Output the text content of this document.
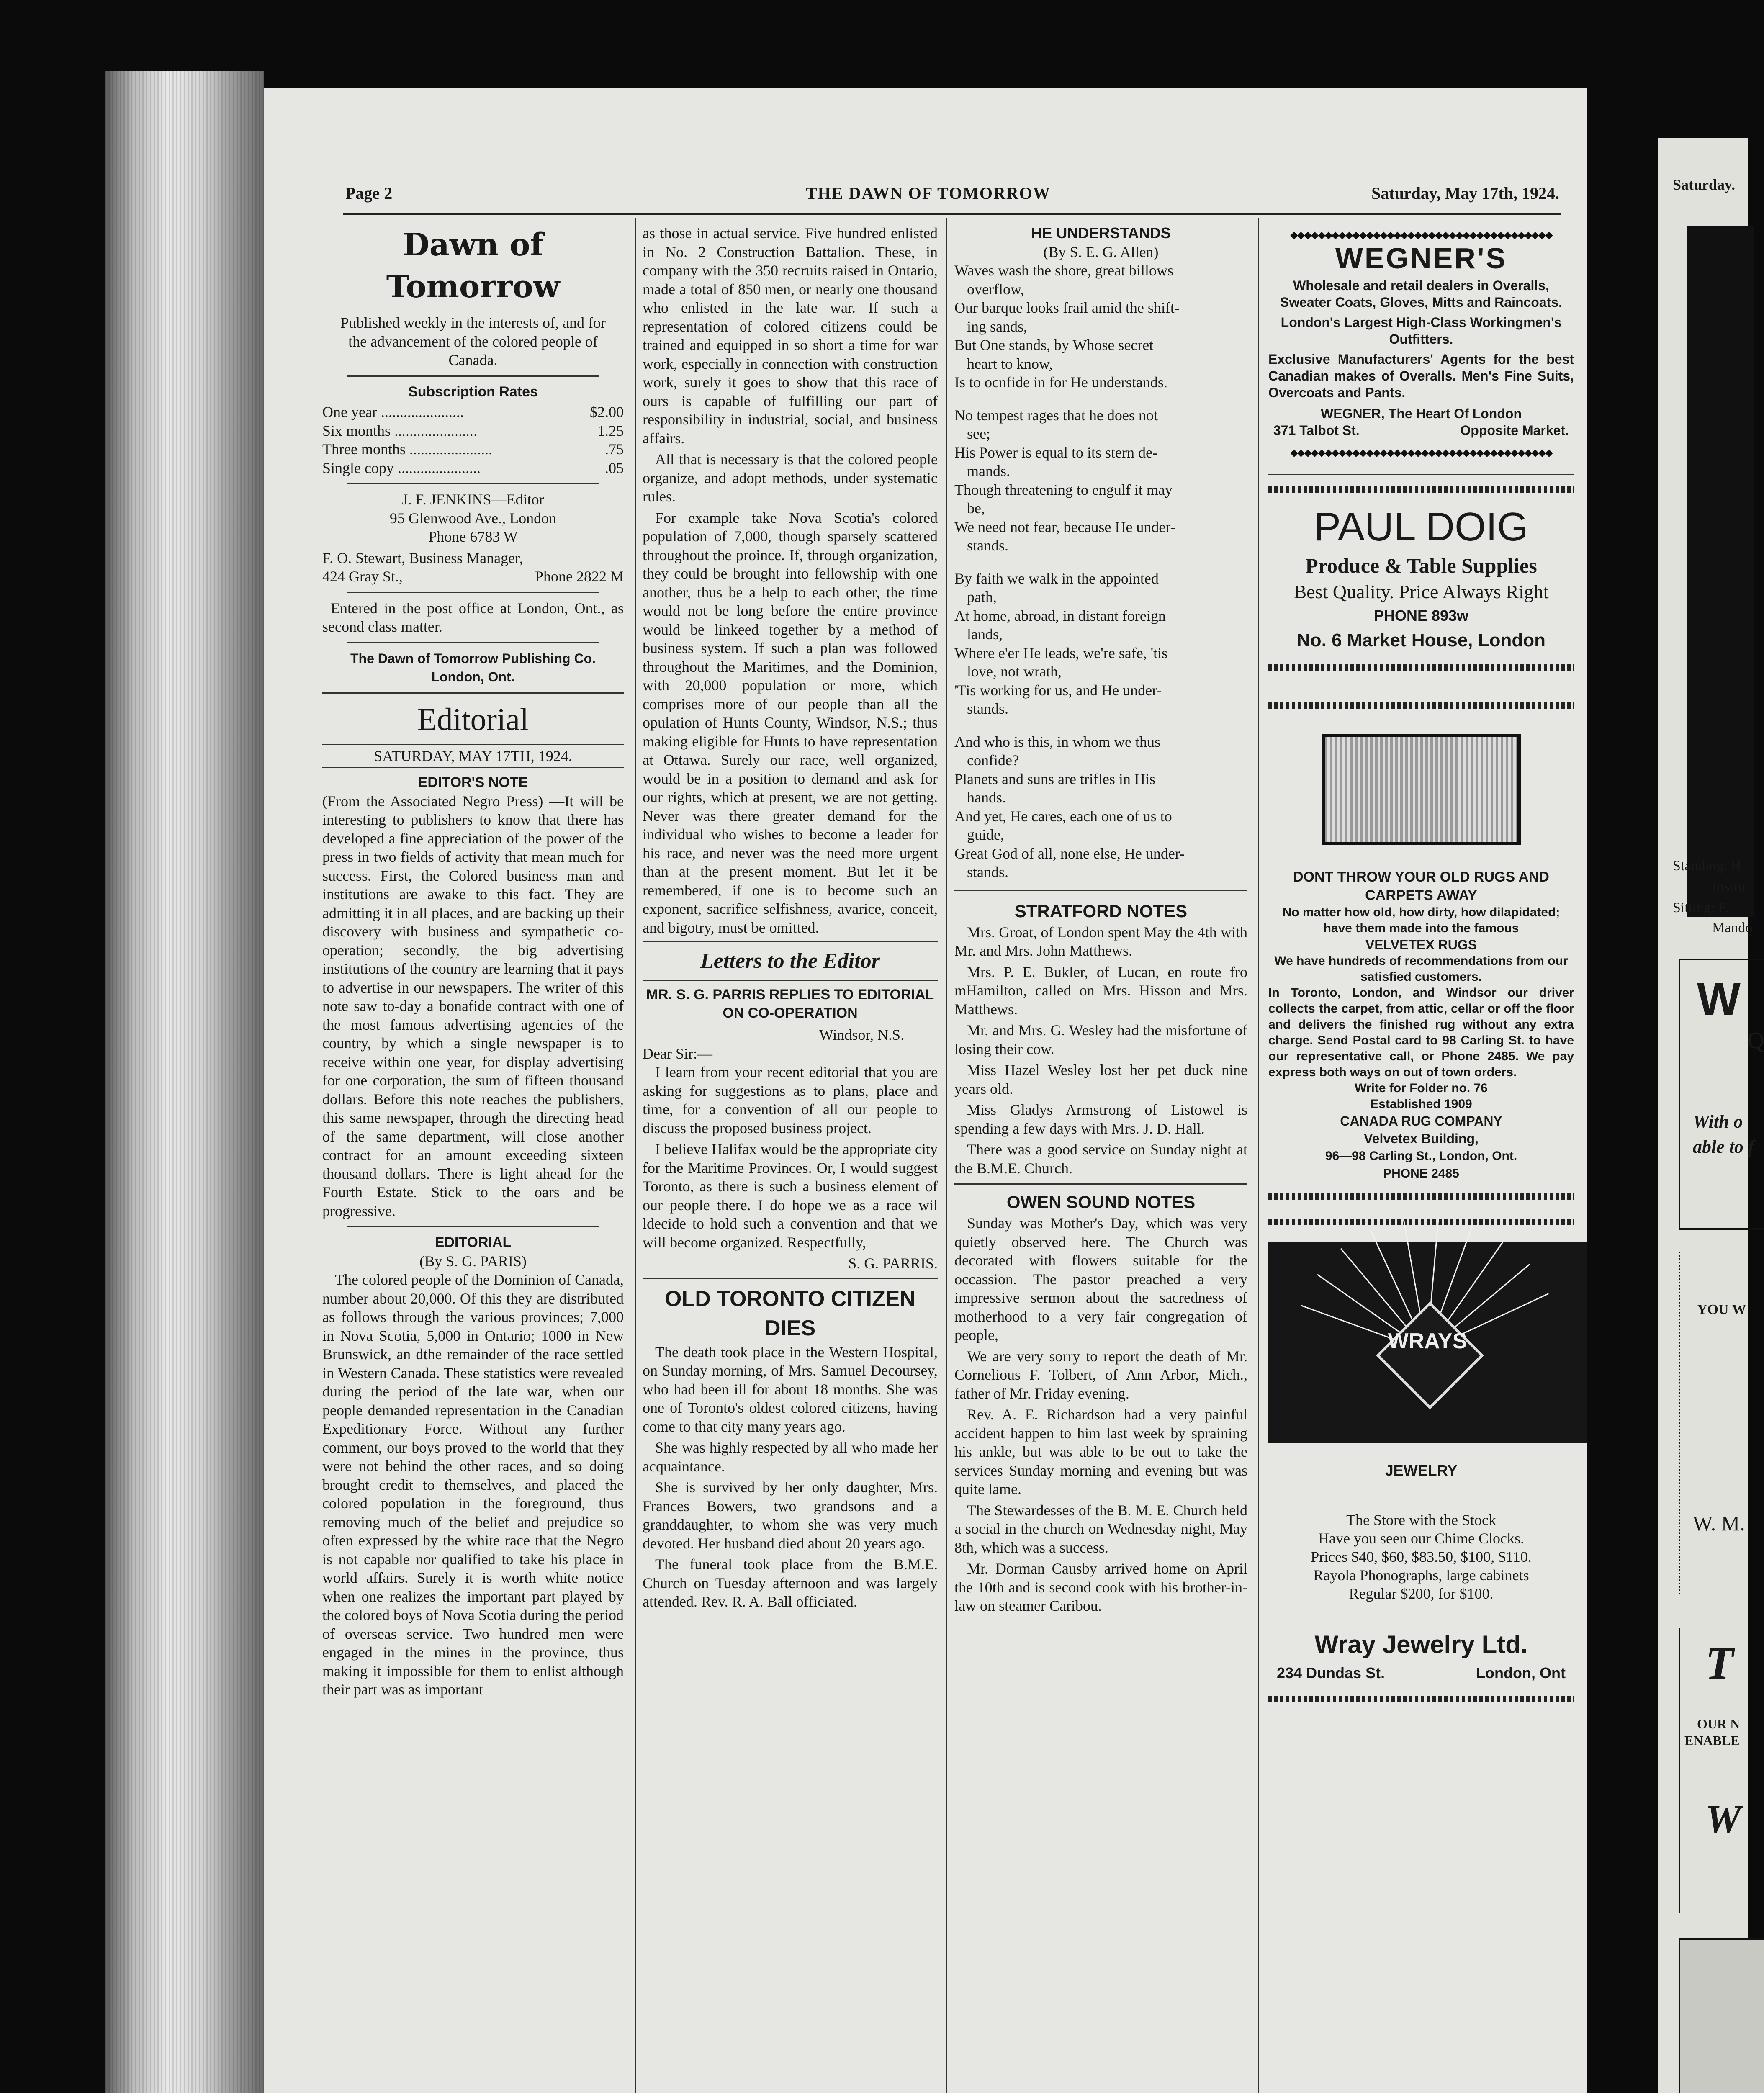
Page 2	THE DAWN OF TOMORROW	Saturday, May 17th, 1924.
Dawn of Tomorrow

Published weekly in the interests of, and for the advancement of the colored people of Canada.

Subscription Rates
One year ......................	$2.00
Six months ......................	1.25
Three months ......................	.75
Single copy ......................	.05
J. F. JENKINS—Editor
95 Glenwood Ave., London
Phone 6783 W
F. O. Stewart, Business Manager,
424 Gray St.,	Phone 2822 M

Entered in the post office at London, Ont., as second class matter.

The Dawn of Tomorrow Publishing Co.
London, Ont.
Editorial
SATURDAY, MAY 17TH, 1924.
EDITOR'S NOTE

(From the Associated Negro Press) —It will be interesting to publishers to know that there has developed a fine appreciation of the power of the press in two fields of activity that mean much for success. First, the Colored business man and institutions are awake to this fact. They are admitting it in all places, and are backing up their discovery with business and sympathetic co-operation; secondly, the big advertising institutions of the country are learning that it pays to advertise in our newspapers. The writer of this note saw to-day a bonafide contract with one of the most famous advertising agencies of the country, by which a single newspaper is to receive within one year, for display advertising for one corporation, the sum of fifteen thousand dollars. Before this note reaches the publishers, this same newspaper, through the directing head of the same department, will close another contract for an amount exceeding sixteen thousand dollars. There is light ahead for the Fourth Estate. Stick to the oars and be progressive.

EDITORIAL
(By S. G. PARIS)

The colored people of the Dominion of Canada, number about 20,000. Of this they are distributed as follows through the various provinces; 7,000 in Nova Scotia, 5,000 in Ontario; 1000 in New Brunswick, an dthe remainder of the race settled in Western Canada. These statistics were revealed during the period of the late war, when our people demanded representation in the Canadian Expeditionary Force. Without any further comment, our boys proved to the world that they were not behind the other races, and so doing brought credit to themselves, and placed the colored population in the foreground, thus removing much of the belief and prejudice so often expressed by the white race that the Negro is not capable nor qualified to take his place in world affairs. Surely it is worth white notice when one realizes the important part played by the colored boys of Nova Scotia during the period of overseas service. Two hundred men were engaged in the mines in the province, thus making it impossible for them to enlist although their part was as important

as those in actual service. Five hundred enlisted in No. 2 Construction Battalion. These, in company with the 350 recruits raised in Ontario, made a total of 850 men, or nearly one thousand who enlisted in the late war. If such a representation of colored citizens could be trained and equipped in so short a time for war work, especially in connection with construction work, surely it goes to show that this race of ours is capable of fulfilling our part of responsibility in industrial, social, and business affairs.

All that is necessary is that the colored people organize, and adopt methods, under systematic rules.

For example take Nova Scotia's colored population of 7,000, though sparsely scattered throughout the proince. If, through organization, they could be brought into fellowship with one another, thus be a help to each other, the time would not be long before the entire province would be linkeed together by a method of business system. If such a plan was followed throughout the Maritimes, and the Dominion, with 20,000 population or more, which comprises more of our people than all the opulation of Hunts County, Windsor, N.S.; thus making eligible for Hunts to have representation at Ottawa. Surely our race, well organized, would be in a position to demand and ask for our rights, which at present, we are not getting. Never was there greater demand for the individual who wishes to become a leader for his race, and never was the need more urgent than at the present moment. But let it be remembered, if one is to become such an exponent, sacrifice selfishness, avarice, conceit, and bigotry, must be omitted.

Letters to the Editor
MR. S. G. PARRIS REPLIES TO EDITORIAL ON CO-OPERATION
Windsor, N.S.
Dear Sir:—

I learn from your recent editorial that you are asking for suggestions as to plans, place and time, for a convention of all our people to discuss the proposed business project.

I believe Halifax would be the appropriate city for the Maritime Provinces. Or, I would suggest Toronto, as there is such a business element of our people there. I do hope we as a race wil ldecide to hold such a convention and that we will become organized. Respectfully,

S. G. PARRIS.
OLD TORONTO CITIZEN DIES

The death took place in the Western Hospital, on Sunday morning, of Mrs. Samuel Decoursey, who had been ill for about 18 months. She was one of Toronto's oldest colored citizens, having come to that city many years ago.

She was highly respected by all who made her acquaintance.

She is survived by her only daughter, Mrs. Frances Bowers, two grandsons and a granddaughter, to whom she was very much devoted. Her husband died about 20 years ago.

The funeral took place from the B.M.E. Church on Tuesday afternoon and was largely attended. Rev. R. A. Ball officiated.

HE UNDERSTANDS
(By S. E. G. Allen)

Waves wash the shore, great billows

overflow,

Our barque looks frail amid the shift-

ing sands,

But One stands, by Whose secret

heart to know,

Is to ocnfide in for He understands.

No tempest rages that he does not

see;

His Power is equal to its stern de-

mands.

Though threatening to engulf it may

be,

We need not fear, because He under-

stands.

By faith we walk in the appointed

path,

At home, abroad, in distant foreign

lands,

Where e'er He leads, we're safe, 'tis

love, not wrath,

'Tis working for us, and He under-

stands.

And who is this, in whom we thus

confide?

Planets and suns are trifles in His

hands.

And yet, He cares, each one of us to

guide,

Great God of all, none else, He under-

stands.

STRATFORD NOTES

Mrs. Groat, of London spent May the 4th with Mr. and Mrs. John Matthews.

Mrs. P. E. Bukler, of Lucan, en route fro mHamilton, called on Mrs. Hisson and Mrs. Matthews.

Mr. and Mrs. G. Wesley had the misfortune of losing their cow.

Miss Hazel Wesley lost her pet duck nine years old.

Miss Gladys Armstrong of Listowel is spending a few days with Mrs. J. D. Hall.

There was a good service on Sunday night at the B.M.E. Church.

OWEN SOUND NOTES

Sunday was Mother's Day, which was very quietly observed here. The Church was decorated with flowers suitable for the occassion. The pastor preached a very impressive sermon about the sacredness of motherhood to a very fair congregation of people,

We are very sorry to report the death of Mr. Cornelious F. Tolbert, of Ann Arbor, Mich., father of Mr. Friday evening.

Rev. A. E. Richardson had a very painful accident happen to him last week by spraining his ankle, but was able to be out to take the services Sunday morning and evening but was quite lame.

The Stewardesses of the B. M. E. Church held a social in the church on Wednesday night, May 8th, which was a success.

Mr. Dorman Causby arrived home on April the 10th and is second cook with his brother-in-law on steamer Caribou.

◆◆◆◆◆◆◆◆◆◆◆◆◆◆◆◆◆◆◆◆◆◆◆◆◆◆◆◆◆◆◆◆◆◆◆◆◆◆
WEGNER'S
Wholesale and retail dealers in Overalls, Sweater Coats, Gloves, Mitts and Raincoats.
London's Largest High-Class Workingmen's Outfitters.
Exclusive Manufacturers' Agents for the best Canadian makes of Overalls. Men's Fine Suits, Overcoats and Pants.
WEGNER, The Heart Of London
371 Talbot St.	Opposite Market.
◆◆◆◆◆◆◆◆◆◆◆◆◆◆◆◆◆◆◆◆◆◆◆◆◆◆◆◆◆◆◆◆◆◆◆◆◆◆
PAUL DOIG
Produce & Table Supplies
Best Quality. Price Always Right
PHONE 893w
No. 6 Market House, London
DONT THROW YOUR OLD RUGS AND CARPETS AWAY
No matter how old, how dirty, how dilapidated; have them made into the famous
VELVETEX RUGS
We have hundreds of recommendations from our satisfied customers.
In Toronto, London, and Windsor our driver collects the carpet, from attic, cellar or off the floor and delivers the finished rug without any extra charge. Send Postal card to 98 Carling St. to have our representative call, or Phone 2485. We pay express both ways on out of town orders.
Write for Folder no. 76
Established 1909
CANADA RUG COMPANY
Velvetex Building,
96—98 Carling St., London, Ont.
PHONE 2485
WRAYS
JEWELRY
The Store with the Stock
Have you seen our Chime Clocks.
Prices $40, $60, $83.50, $100, $110.
Rayola Phonographs, large cabinets
Regular $200, for $100.
Wray Jewelry Ltd.
234 Dundas St.	London, Ont
Saturday.
Standing: H
Instru
Sitting: F.
Mando
W
Q
With o
able to f
YOU W
W. M.
T
OUR N
ENABLE
W
